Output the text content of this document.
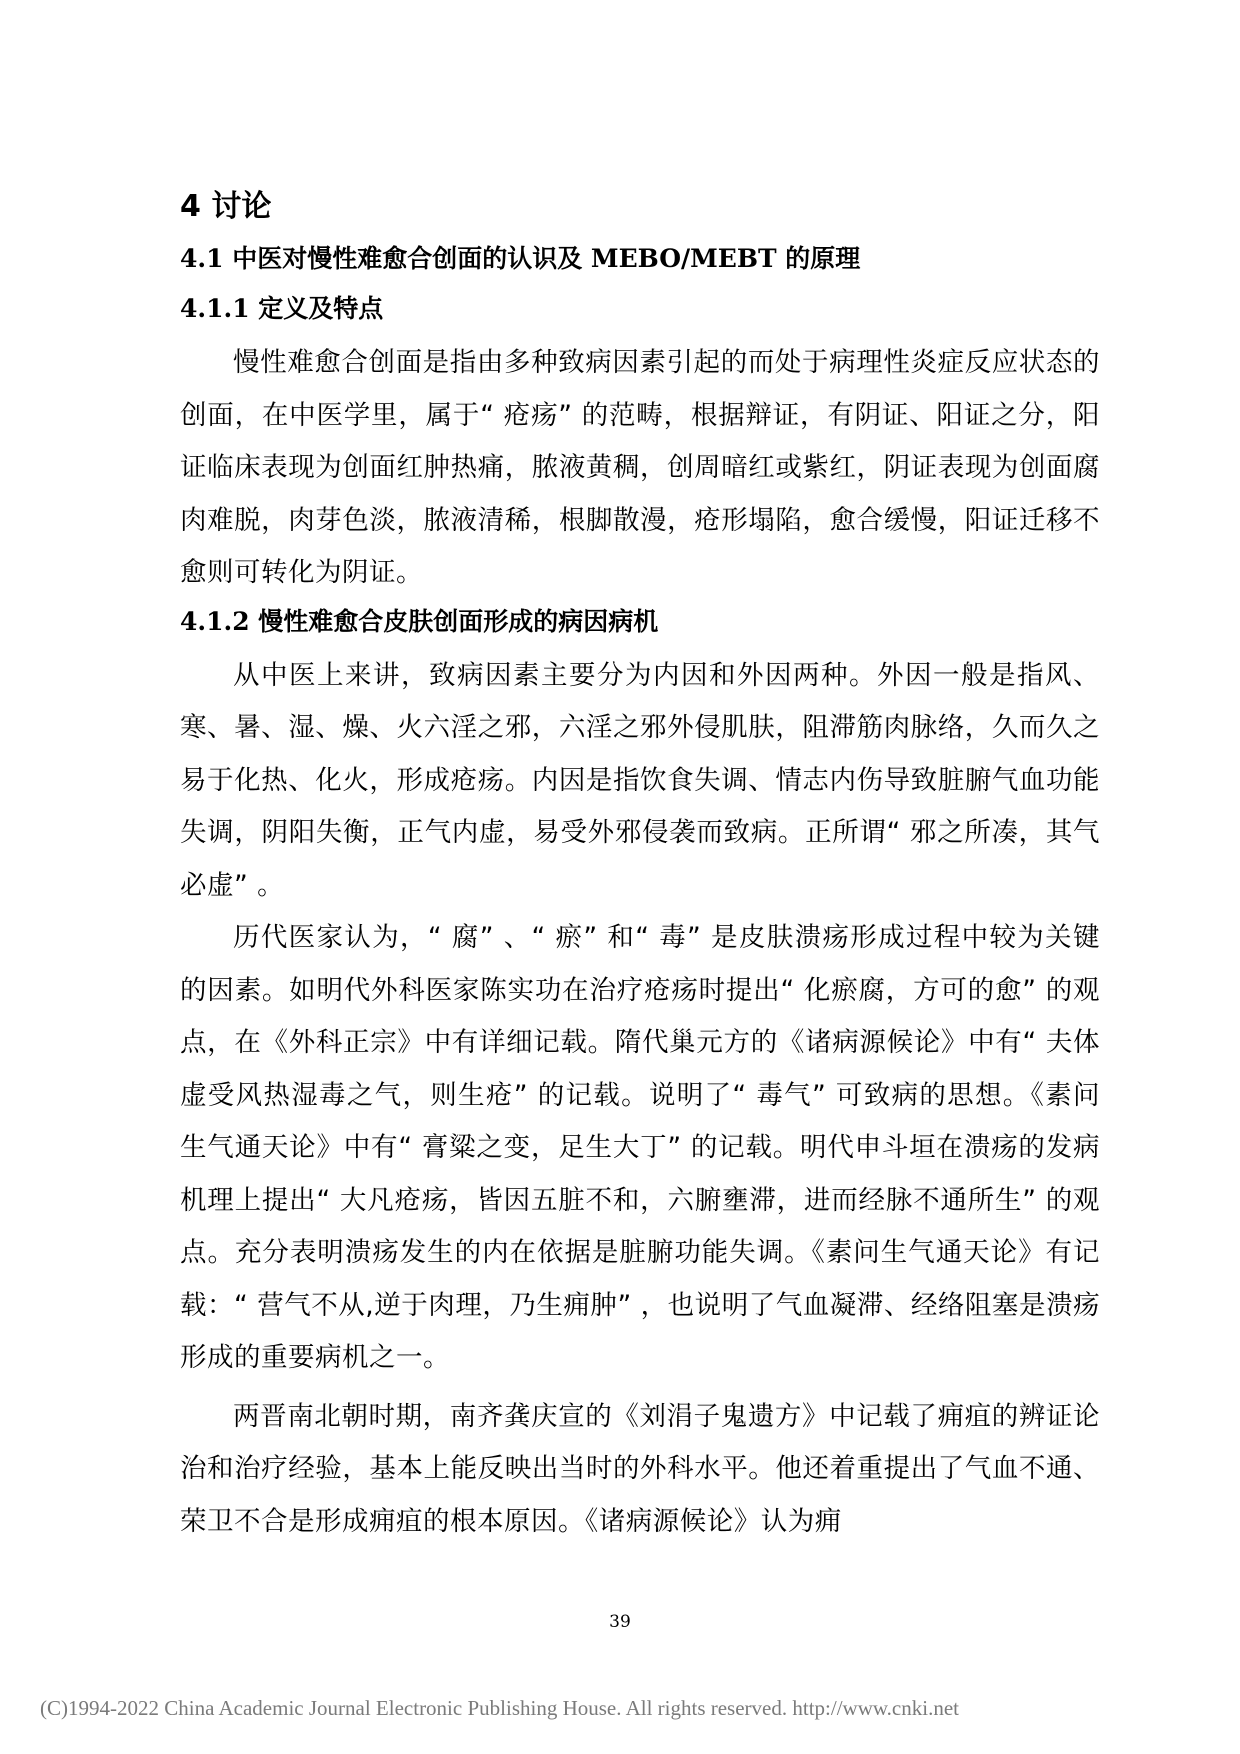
4 讨论
4.1 中医对慢性难愈合创面的认识及 MEBO/MEBT 的原理
4.1.1 定义及特点

慢性难愈合创面是指由多种致病因素引起的而处于病理性炎症反应状态的创面，在中医学里，属于“ 疮疡” 的范畴，根据辩证，有阴证、阳证之分，阳证临床表现为创面红肿热痛，脓液黄稠，创周暗红或紫红，阴证表现为创面腐肉难脱，肉芽色淡，脓液清稀，根脚散漫，疮形塌陷，愈合缓慢，阳证迁移不愈则可转化为阴证。

4.1.2 慢性难愈合皮肤创面形成的病因病机

从中医上来讲，致病因素主要分为内因和外因两种。外因一般是指风、寒、暑、湿、燥、火六淫之邪，六淫之邪外侵肌肤，阻滞筋肉脉络，久而久之易于化热、化火，形成疮疡。内因是指饮食失调、情志内伤导致脏腑气血功能失调，阴阳失衡，正气内虚，易受外邪侵袭而致病。正所谓“ 邪之所凑，其气必虚” 。

历代医家认为，“ 腐” 、“ 瘀” 和“ 毒” 是皮肤溃疡形成过程中较为关键的因素。如明代外科医家陈实功在治疗疮疡时提出“ 化瘀腐，方可的愈” 的观点，在《外科正宗》中有详细记载。隋代巢元方的《诸病源候论》中有“ 夫体虚受风热湿毒之气，则生疮” 的记载。说明了“ 毒气” 可致病的思想。《素问生气通天论》中有“ 膏粱之变，足生大丁” 的记载。明代申斗垣在溃疡的发病机理上提出“ 大凡疮疡，皆因五脏不和，六腑壅滞，进而经脉不通所生” 的观点。充分表明溃疡发生的内在依据是脏腑功能失调。《素问生气通天论》有记载：“ 营气不从,逆于肉理，乃生痈肿” ，也说明了气血凝滞、经络阻塞是溃疡形成的重要病机之一。

两晋南北朝时期，南齐龚庆宣的《刘涓子鬼遗方》中记载了痈疽的辨证论治和治疗经验，基本上能反映出当时的外科水平。他还着重提出了气血不通、荣卫不合是形成痈疽的根本原因。《诸病源候论》认为痈

39
(C)1994-2022 China Academic Journal Electronic Publishing House. All rights reserved. http://www.cnki.net
